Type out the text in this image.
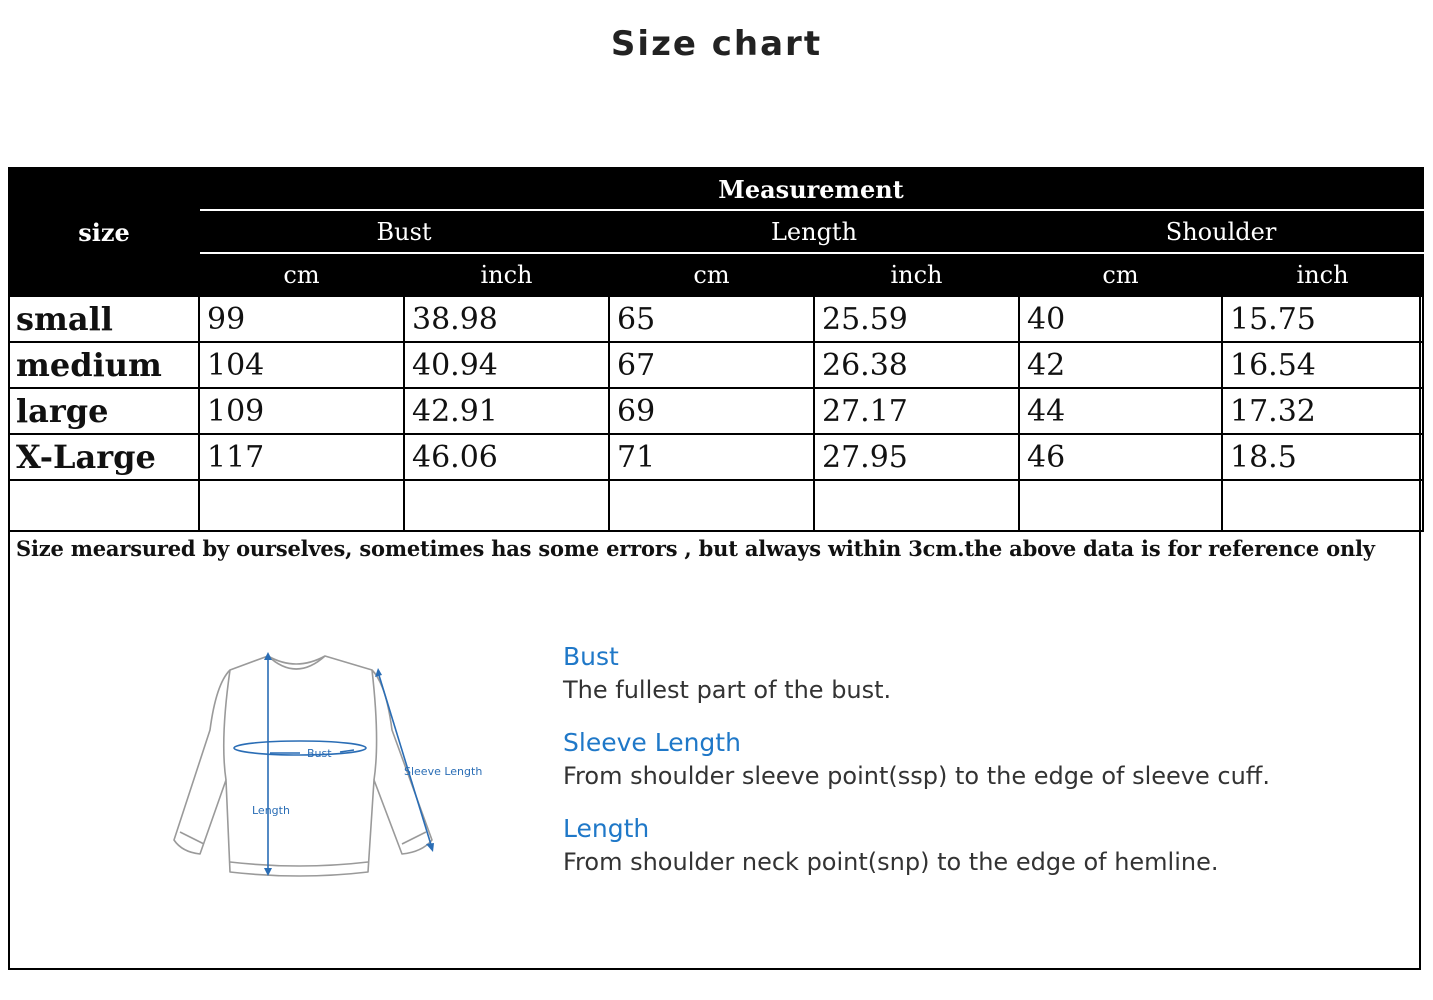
Size chart
size	Measurement					
	Bust		Length		Shoulder	
	cm	inch	cm	inch	cm	inch
small	99	38.98	65	25.59	40	15.75
medium	104	40.94	67	26.38	42	16.54
large	109	42.91	69	27.17	44	17.32
X-Large	117	46.06	71	27.95	46	18.5

Size mearsured by ourselves, sometimes has some errors , but always within 3cm.the above data is for reference only
Bust
Sleeve Length
Length

Bust

The fullest part of the bust.

Sleeve Length

From shoulder sleeve point(ssp) to the edge of sleeve cuff.

Length

From shoulder neck point(snp) to the edge of hemline.
